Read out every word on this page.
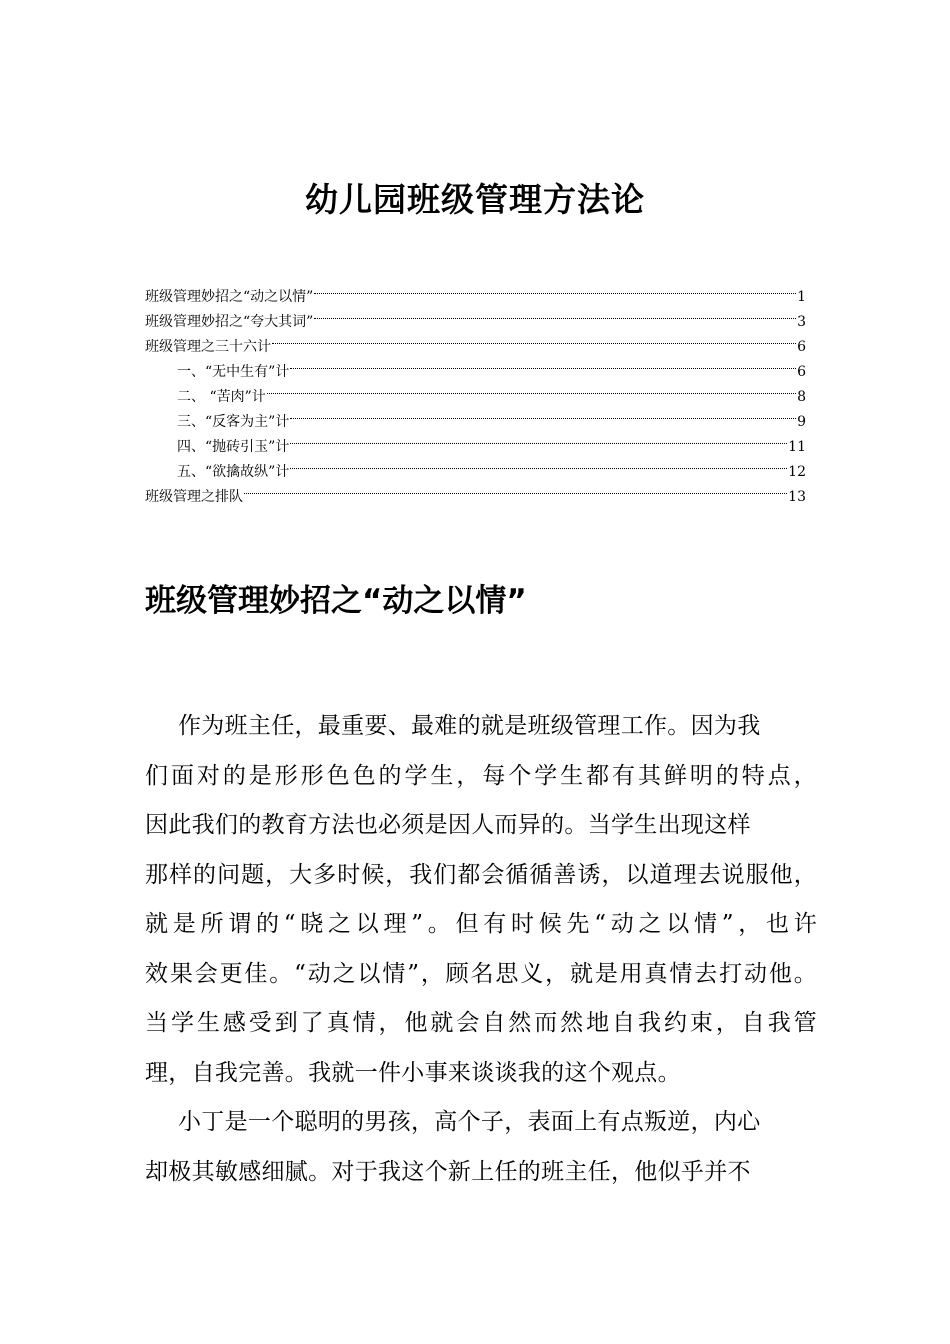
幼儿园班级管理方法论
班级管理妙招之“动之以情”	1
班级管理妙招之“夸大其词”	3
班级管理之三十六计	6
一、“无中生有”计	6
二、 “苦肉”计	8
三、“反客为主”计	9
四、“抛砖引玉”计	11
五、“欲擒故纵”计	12
班级管理之排队	13
班级管理妙招之“动之以情”
作为班主任，最重要、最难的就是班级管理工作。因为我
们面对的是形形色色的学生，每个学生都有其鲜明的特点，
因此我们的教育方法也必须是因人而异的。当学生出现这样
那样的问题，大多时候，我们都会循循善诱，以道理去说服他，
就是所谓的“晓之以理”。但有时候先“动之以情”，也许
效果会更佳。“动之以情”，顾名思义，就是用真情去打动他。
当学生感受到了真情，他就会自然而然地自我约束，自我管
理，自我完善。我就一件小事来谈谈我的这个观点。
小丁是一个聪明的男孩，高个子，表面上有点叛逆，内心
却极其敏感细腻。对于我这个新上任的班主任，他似乎并不
